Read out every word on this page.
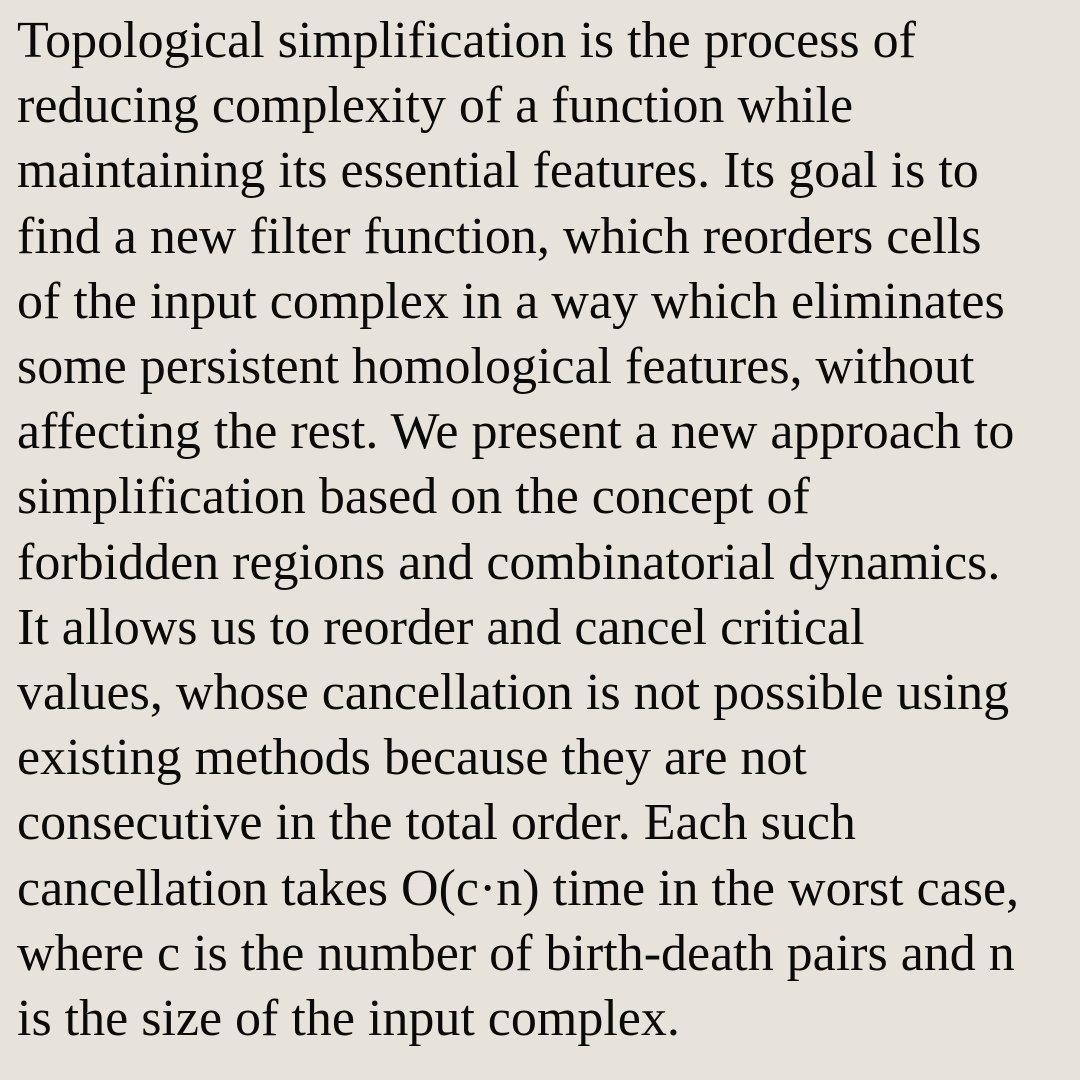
Topological simplification is the process of
reducing complexity of a function while
maintaining its essential features. Its goal is to
find a new filter function, which reorders cells
of the input complex in a way which eliminates
some persistent homological features, without
affecting the rest. We present a new approach to
simplification based on the concept of
forbidden regions and combinatorial dynamics.
It allows us to reorder and cancel critical
values, whose cancellation is not possible using
existing methods because they are not
consecutive in the total order. Each such
cancellation takes O(c·n) time in the worst case,
where c is the number of birth-death pairs and n
is the size of the input complex.
